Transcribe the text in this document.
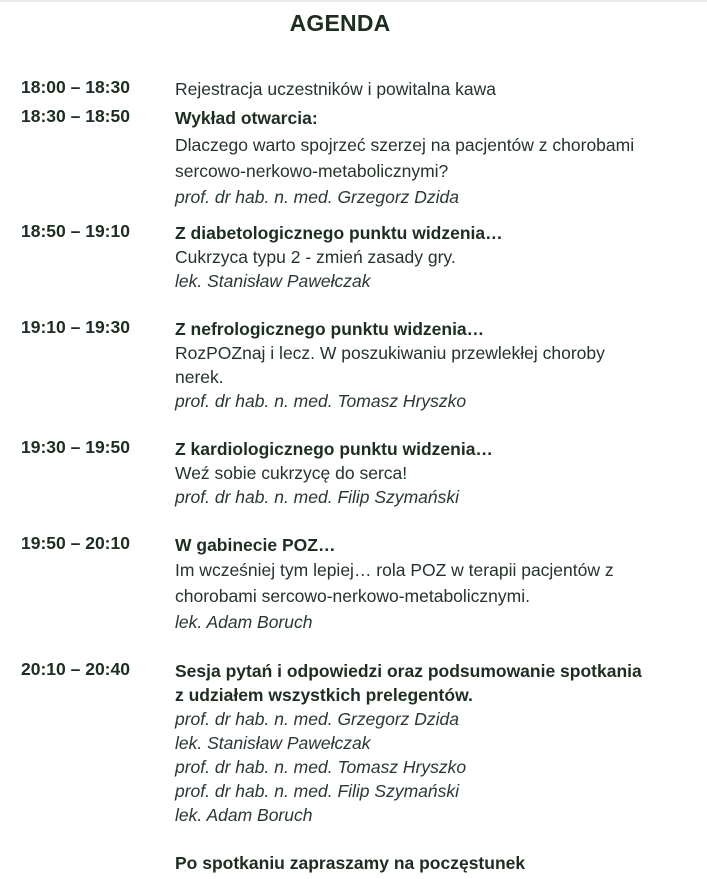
AGENDA
18:00 – 18:30	Rejestracja uczestników i powitalna kawa
18:30 – 18:50	Wykład otwarcia:
Dlaczego warto spojrzeć szerzej na pacjentów z chorobami
sercowo-nerkowo-metabolicznymi?
prof. dr hab. n. med. Grzegorz Dzida
18:50 – 19:10	Z diabetologicznego punktu widzenia…
Cukrzyca typu 2 - zmień zasady gry.
lek. Stanisław Pawełczak
19:10 – 19:30	Z nefrologicznego punktu widzenia…
RozPOZnaj i lecz. W poszukiwaniu przewlekłej choroby
nerek.
prof. dr hab. n. med. Tomasz Hryszko
19:30 – 19:50	Z kardiologicznego punktu widzenia…
Weź sobie cukrzycę do serca!
prof. dr hab. n. med. Filip Szymański
19:50 – 20:10	W gabinecie POZ…
Im wcześniej tym lepiej… rola POZ w terapii pacjentów z
chorobami sercowo-nerkowo-metabolicznymi.
lek. Adam Boruch
20:10 – 20:40	Sesja pytań i odpowiedzi oraz podsumowanie spotkania
z udziałem wszystkich prelegentów.
prof. dr hab. n. med. Grzegorz Dzida
lek. Stanisław Pawełczak
prof. dr hab. n. med. Tomasz Hryszko
prof. dr hab. n. med. Filip Szymański
lek. Adam Boruch
Po spotkaniu zapraszamy na poczęstunek
